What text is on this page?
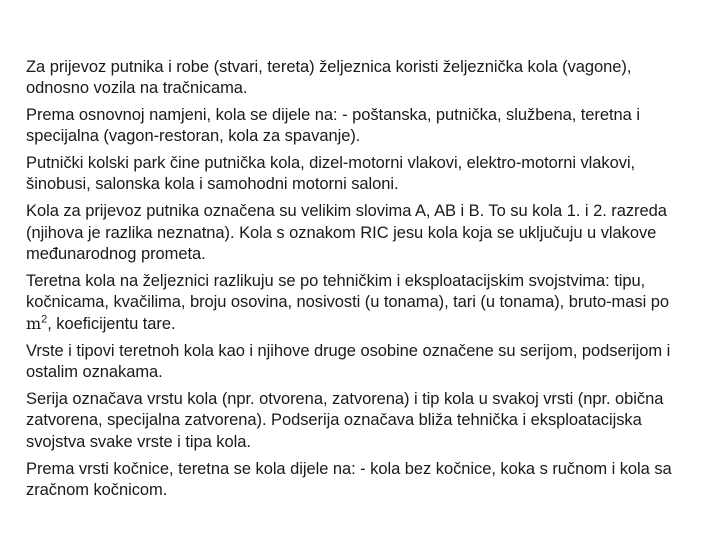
Za prijevoz putnika i robe (stvari, tereta) željeznica koristi željeznička kola (vagone), odnosno vozila na tračnicama.

Prema osnovnoj namjeni, kola se dijele na: - poštanska, putnička, službena, teretna i specijalna (vagon-restoran, kola za spavanje).

Putnički kolski park čine putnička kola, dizel-motorni vlakovi, elektro-motorni vlakovi, šinobusi, salonska kola i samohodni motorni saloni.

Kola za prijevoz putnika označena su velikim slovima A, AB i B. To su kola 1. i 2. razreda (njihova je razlika neznatna). Kola s oznakom RIC jesu kola koja se uključuju u vlakove međunarodnog prometa.

Teretna kola na željeznici razlikuju se po tehničkim i eksploatacijskim svojstvima: tipu, kočnicama, kvačilima, broju osovina, nosivosti (u tonama), tari (u tonama), bruto-masi po $m^2$, koeficijentu tare.

Vrste i tipovi teretnoh kola kao i njihove druge osobine označene su serijom, podserijom i ostalim oznakama.

Serija označava vrstu kola (npr. otvorena, zatvorena) i tip kola u svakoj vrsti (npr. obična zatvorena, specijalna zatvorena). Podserija označava bliža tehnička i eksploatacijska svojstva svake vrste i tipa kola.

Prema vrsti kočnice, teretna se kola dijele na: - kola bez kočnice, koka s ručnom i kola sa zračnom kočnicom.
